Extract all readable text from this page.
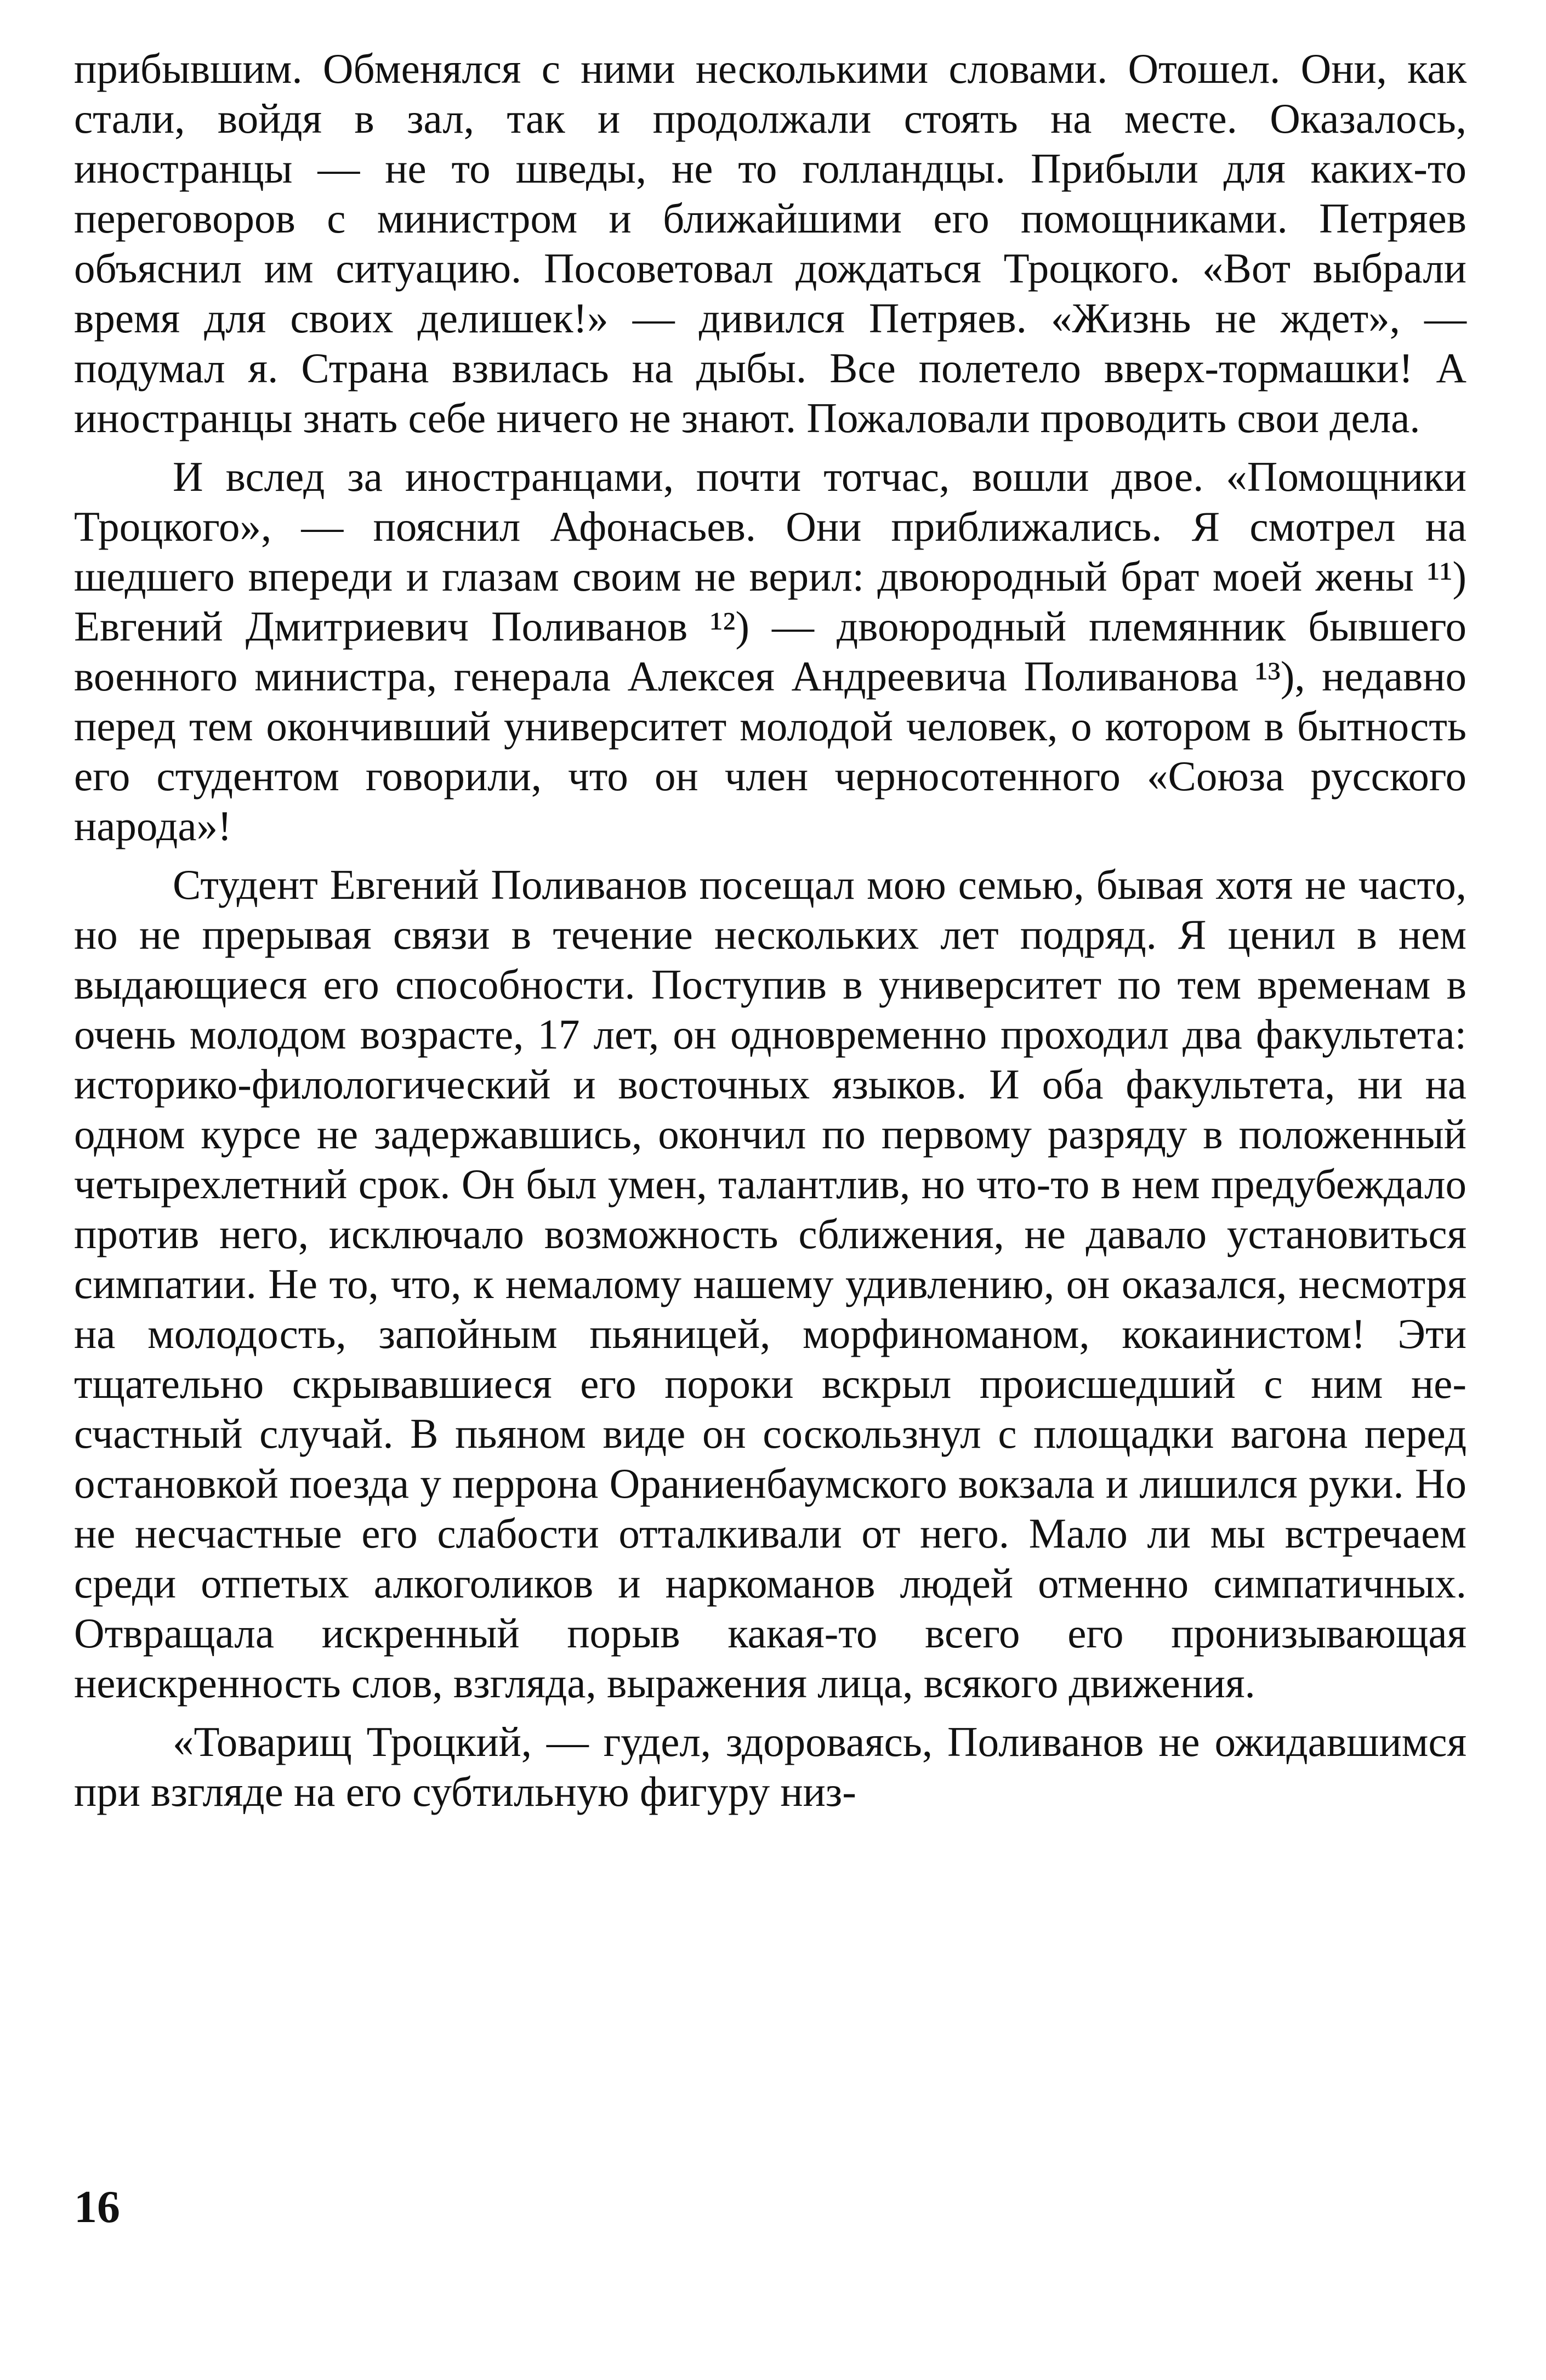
прибывшим. Обменялся с ними несколькими словами. Отошел. Они, как стали, войдя в зал, так и продолжали стоять на месте. Оказалось, иностранцы — не то шведы, не то голландцы. Прибыли для каких-то переговоров с министром и ближайшими его помощниками. Петряев объяснил им ситуацию. Посоветовал дождаться Троцкого. «Вот выбрали время для своих делишек!» — дивился Петряев. «Жизнь не ждет», — подумал я. Страна взвилась на дыбы. Все полетело вверх-тормашки! А иностранцы знать себе ничего не знают. Пожаловали проводить свои дела.

И вслед за иностранцами, почти тотчас, вошли двое. «Помощники Троцкого», — пояснил Афонасьев. Они приближались. Я смотрел на шедшего впереди и глазам своим не верил: двоюродный брат моей жены ¹¹) Евгений Дмитриевич Поливанов ¹²) — двоюродный племянник бывшего военного министра, генерала Алексея Андреевича Поливанова ¹³), недавно перед тем окончивший университет молодой человек, о котором в бытность его студентом говорили, что он член черносотенного «Союза русского народа»!

Студент Евгений Поливанов посещал мою семью, бывая хотя не часто, но не прерывая связи в течение нескольких лет подряд. Я ценил в нем выдающиеся его способности. Поступив в университет по тем временам в очень молодом возрасте, 17 лет, он одновременно проходил два факультета: историко-филологический и восточных языков. И оба факультета, ни на одном курсе не задержавшись, окончил по первому разряду в положенный четырехлетний срок. Он был умен, талантлив, но что-то в нем предубеждало против него, исключало возможность сближения, не давало установиться симпатии. Не то, что, к немалому нашему удивлению, он оказался, несмотря на молодость, запойным пьяницей, морфиноманом, кокаинистом! Эти тщательно скрывавшиеся его пороки вскрыл происшедший с ним несчастный случай. В пьяном виде он соскользнул с площадки вагона перед остановкой поезда у перрона Ораниенбаумского вокзала и лишился руки. Но не несчастные его слабости отталкивали от него. Мало ли мы встречаем среди отпетых алкоголиков и наркоманов людей отменно симпатичных. Отвращала искренный порыв какая-то всего его пронизывающая неискренность слов, взгляда, выражения лица, всякого движения.

«Товарищ Троцкий, — гудел, здороваясь, Поливанов не ожидавшимся при взгляде на его субтильную фигуру низ-

16
